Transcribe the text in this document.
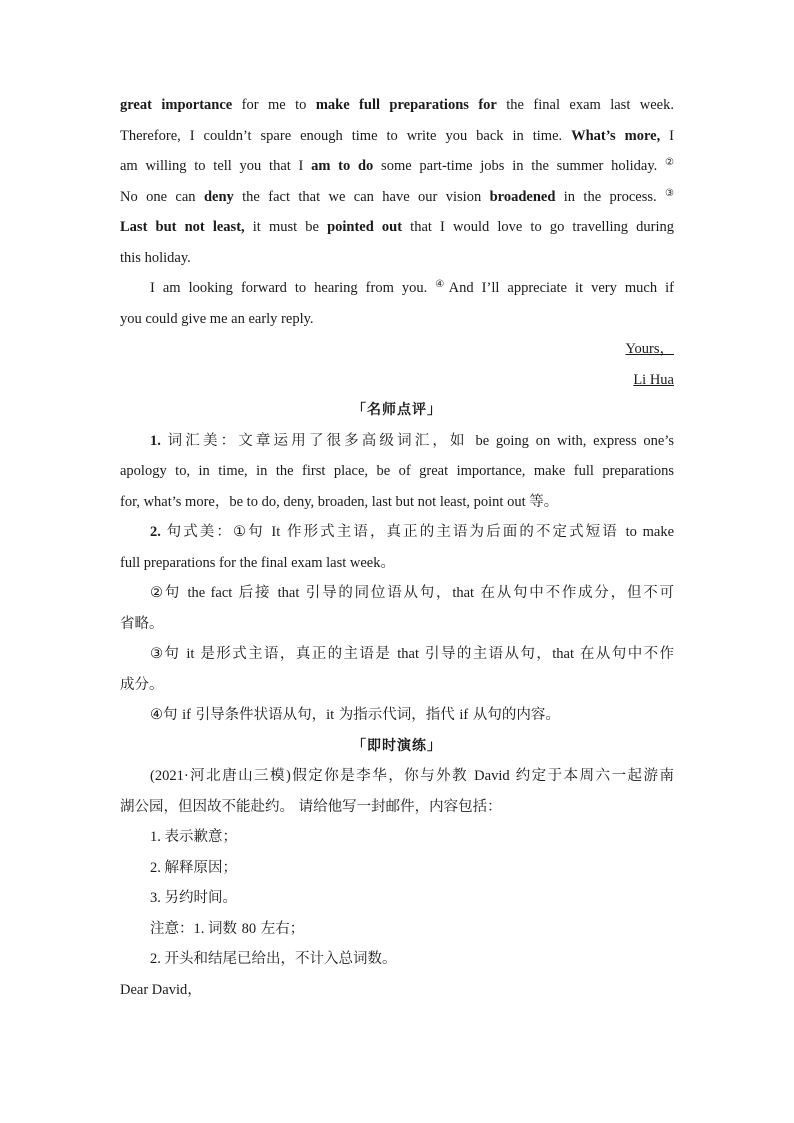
great importance for me to make full preparations for the final exam last week.
Therefore, I couldn’t spare enough time to write you back in time. What’s more, I
am willing to tell you that I am to do some part-time jobs in the summer holiday. ②
No one can deny the fact that we can have our vision broadened in the process. ③
Last but not least, it must be pointed out that I would love to go travelling during
this holiday.
I am looking forward to hearing from you. ④And I’ll appreciate it very much if
you could give me an early reply.
Yours，
Li Hua
「名师点评」
1. 词汇美：文章运用了很多高级词汇，如 be going on with, express one’s
apology to, in time, in the first place, be of great importance, make full preparations
for, what’s more，be to do, deny, broaden, last but not least, point out 等。
2. 句式美：①句 It 作形式主语，真正的主语为后面的不定式短语 to make
full preparations for the final exam last week。
②句 the fact 后接 that 引导的同位语从句，that 在从句中不作成分，但不可
省略。
③句 it 是形式主语，真正的主语是 that 引导的主语从句，that 在从句中不作
成分。
④句 if 引导条件状语从句，it 为指示代词，指代 if 从句的内容。
「即时演练」
(2021·河北唐山三模)假定你是李华，你与外教 David 约定于本周六一起游南
湖公园，但因故不能赴约。 请给他写一封邮件，内容包括：
1. 表示歉意；
2. 解释原因；
3. 另约时间。
注意：1. 词数 80 左右；
2. 开头和结尾已给出，不计入总词数。
Dear David，
